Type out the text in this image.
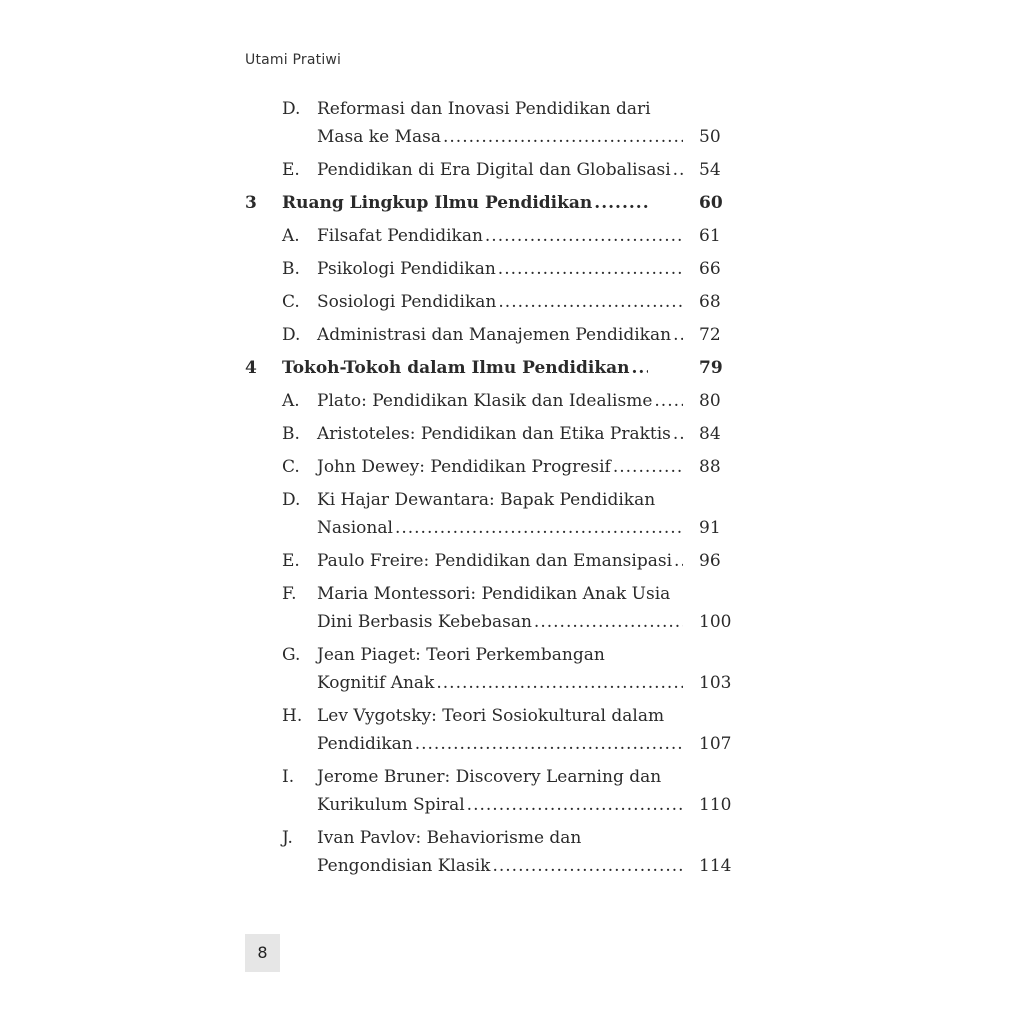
Utami Pratiwi
D. Reformasi dan Inovasi Pendidikan dari
Masa ke Masa .....	50
E. Pendidikan di Era Digital dan Globalisasi ..... 54
3 Ruang Lingkup Ilmu Pendidikan .....	60
A. Filsafat Pendidikan .....	61
B. Psikologi Pendidikan .....	66
C. Sosiologi Pendidikan .....	68
D. Administrasi dan Manajemen Pendidikan ..... 72
4 Tokoh-Tokoh dalam Ilmu Pendidikan .....	79
A. Plato: Pendidikan Klasik dan Idealisme .....	80
B. Aristoteles: Pendidikan dan Etika Praktis ..... 84
C. John Dewey: Pendidikan Progresif .....	88
D. Ki Hajar Dewantara: Bapak Pendidikan
Nasional .....	91
E. Paulo Freire: Pendidikan dan Emansipasi ..... 96
F. Maria Montessori: Pendidikan Anak Usia
Dini Berbasis Kebebasan .....	100
G. Jean Piaget: Teori Perkembangan
Kognitif Anak .....	103
H. Lev Vygotsky: Teori Sosiokultural dalam
Pendidikan .....	107
I. Jerome Bruner: Discovery Learning dan
Kurikulum Spiral .....	110
J. Ivan Pavlov: Behaviorisme dan
Pengondisian Klasik .....	114
8
